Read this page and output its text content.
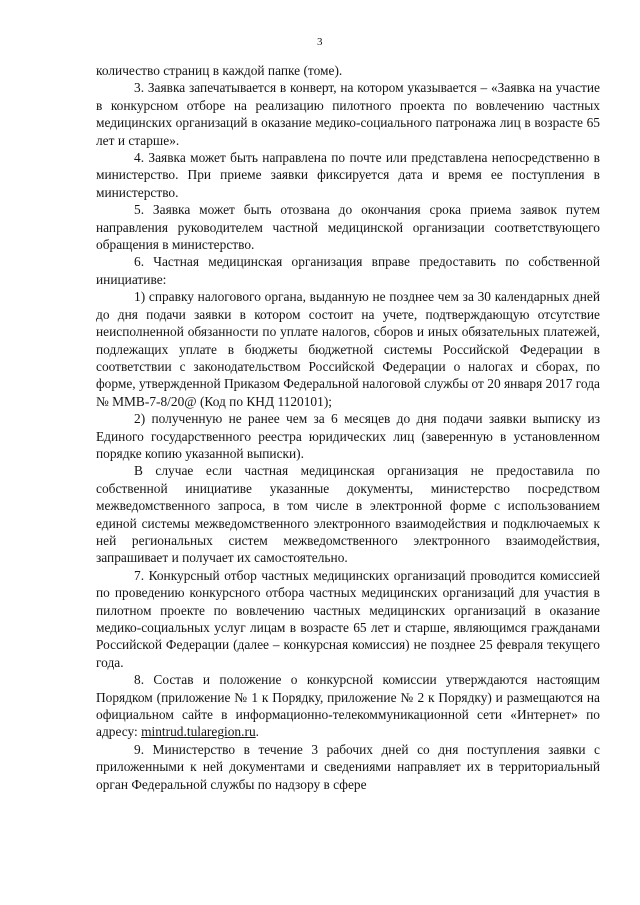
3

количество страниц в каждой папке (томе).

3. Заявка запечатывается в конверт, на котором указывается – «Заявка на участие в конкурсном отборе на реализацию пилотного проекта по вовлечению частных медицинских организаций в оказание медико-социального патронажа лиц в возрасте 65 лет и старше».

4. Заявка может быть направлена по почте или представлена непосредственно в министерство. При приеме заявки фиксируется дата и время ее поступления в министерство.

5. Заявка может быть отозвана до окончания срока приема заявок путем направления руководителем частной медицинской организации соответствующего обращения в министерство.

6. Частная медицинская организация вправе предоставить по собственной инициативе:

1) справку налогового органа, выданную не позднее чем за 30 календарных дней до дня подачи заявки в котором состоит на учете, подтверждающую отсутствие неисполненной обязанности по уплате налогов, сборов и иных обязательных платежей, подлежащих уплате в бюджеты бюджетной системы Российской Федерации в соответствии с законодательством Российской Федерации о налогах и сборах, по форме, утвержденной Приказом Федеральной налоговой службы от 20 января 2017 года № ММВ-7-8/20@ (Код по КНД 1120101);

2) полученную не ранее чем за 6 месяцев до дня подачи заявки выписку из Единого государственного реестра юридических лиц (заверенную в установленном порядке копию указанной выписки).

В случае если частная медицинская организация не предоставила по собственной инициативе указанные документы, министерство посредством межведомственного запроса, в том числе в электронной форме с использованием единой системы межведомственного электронного взаимодействия и подключаемых к ней региональных систем межведомственного электронного взаимодействия, запрашивает и получает их самостоятельно.

7. Конкурсный отбор частных медицинских организаций проводится комиссией по проведению конкурсного отбора частных медицинских организаций для участия в пилотном проекте по вовлечению частных медицинских организаций в оказание медико-социальных услуг лицам в возрасте 65 лет и старше, являющимся гражданами Российской Федерации (далее – конкурсная комиссия) не позднее 25 февраля текущего года.

8. Состав и положение о конкурсной комиссии утверждаются настоящим Порядком (приложение № 1 к Порядку, приложение № 2 к Порядку) и размещаются на официальном сайте в информационно-телекоммуникационной сети «Интернет» по адресу: mintrud.tularegion.ru.

9. Министерство в течение 3 рабочих дней со дня поступления заявки с приложенными к ней документами и сведениями направляет их в территориальный орган Федеральной службы по надзору в сфере
